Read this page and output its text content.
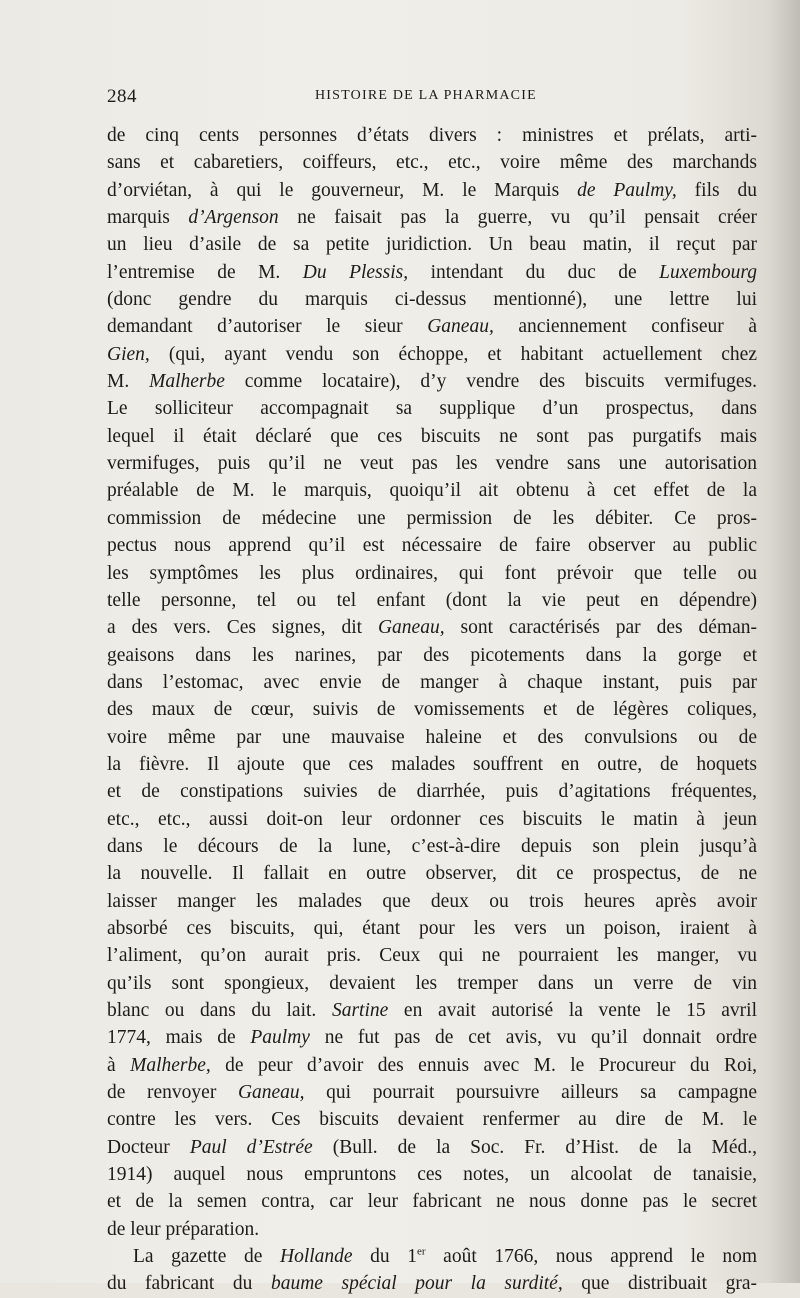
284	HISTOIRE DE LA PHARMACIE
de cinq cents personnes d’états divers : ministres et prélats, arti-
sans et cabaretiers, coiffeurs, etc., etc., voire même des marchands
d’orviétan, à qui le gouverneur, M. le Marquis de Paulmy, fils du
marquis d’Argenson ne faisait pas la guerre, vu qu’il pensait créer
un lieu d’asile de sa petite juridiction. Un beau matin, il reçut par
l’entremise de M. Du Plessis, intendant du duc de Luxembourg
(donc gendre du marquis ci-dessus mentionné), une lettre lui
demandant d’autoriser le sieur Ganeau, anciennement confiseur à
Gien, (qui, ayant vendu son échoppe, et habitant actuellement chez
M. Malherbe comme locataire), d’y vendre des biscuits vermifuges.
Le solliciteur accompagnait sa supplique d’un prospectus, dans
lequel il était déclaré que ces biscuits ne sont pas purgatifs mais
vermifuges, puis qu’il ne veut pas les vendre sans une autorisation
préalable de M. le marquis, quoiqu’il ait obtenu à cet effet de la
commission de médecine une permission de les débiter. Ce pros-
pectus nous apprend qu’il est nécessaire de faire observer au public
les symptômes les plus ordinaires, qui font prévoir que telle ou
telle personne, tel ou tel enfant (dont la vie peut en dépendre)
a des vers. Ces signes, dit Ganeau, sont caractérisés par des déman-
geaisons dans les narines, par des picotements dans la gorge et
dans l’estomac, avec envie de manger à chaque instant, puis par
des maux de cœur, suivis de vomissements et de légères coliques,
voire même par une mauvaise haleine et des convulsions ou de
la fièvre. Il ajoute que ces malades souffrent en outre, de hoquets
et de constipations suivies de diarrhée, puis d’agitations fréquentes,
etc., etc., aussi doit-on leur ordonner ces biscuits le matin à jeun
dans le décours de la lune, c’est-à-dire depuis son plein jusqu’à
la nouvelle. Il fallait en outre observer, dit ce prospectus, de ne
laisser manger les malades que deux ou trois heures après avoir
absorbé ces biscuits, qui, étant pour les vers un poison, iraient à
l’aliment, qu’on aurait pris. Ceux qui ne pourraient les manger, vu
qu’ils sont spongieux, devaient les tremper dans un verre de vin
blanc ou dans du lait. Sartine en avait autorisé la vente le 15 avril
1774, mais de Paulmy ne fut pas de cet avis, vu qu’il donnait ordre
à Malherbe, de peur d’avoir des ennuis avec M. le Procureur du Roi,
de renvoyer Ganeau, qui pourrait poursuivre ailleurs sa campagne
contre les vers. Ces biscuits devaient renfermer au dire de M. le
Docteur Paul d’Estrée (Bull. de la Soc. Fr. d’Hist. de la Méd.,
1914) auquel nous empruntons ces notes, un alcoolat de tanaisie,
et de la semen contra, car leur fabricant ne nous donne pas le secret
de leur préparation.
La gazette de Hollande du 1er août 1766, nous apprend le nom
du fabricant du baume spécial pour la surdité, que distribuait gra-
